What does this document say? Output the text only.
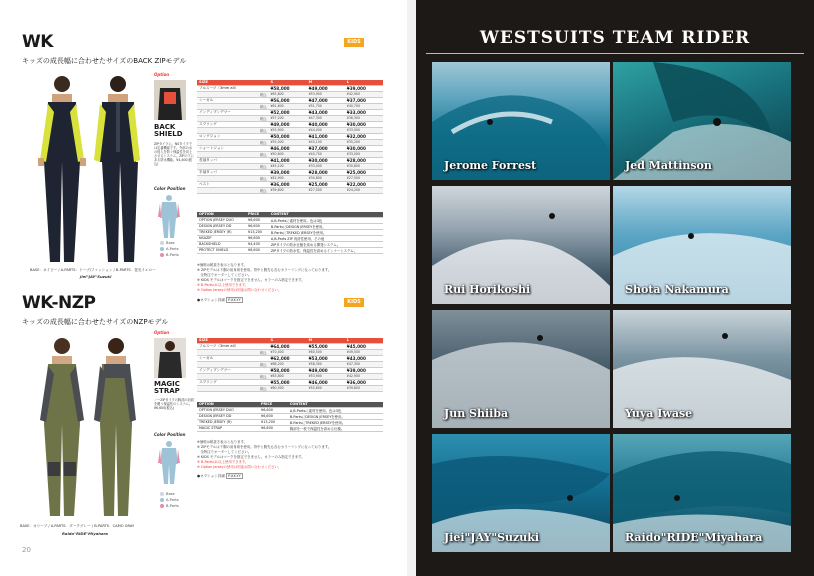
WK	KIDS
キッズの成長幅に合わせたサイズのBACK ZIPモデル
BASE：ネイビー / A-PARTS：ドーブ/ファッション / B-PARTS：蛍光イエロー
Jiei"JAY"Suzuki
Option
BACK
SHIELD
ZIPタイプに。NSタイプでは定番機能です。外部の水の侵入を防ぐ保温性を向上させるシステム。ZIPの下にある防水機能。¥4,400(税込)
Color Position
Base
A-Parts
B-Parts
SIZE	S	M	L
フルスーツ（3mm all）	¥58,000	¥49,000	¥39,000
税込	¥63,800	¥53,900	¥42,900
シーガル	¥56,000	¥47,000	¥37,000
税込	¥61,600	¥51,700	¥40,700
インディプンデツー	¥52,000	¥43,000	¥33,000
税込	¥57,200	¥47,300	¥36,300
スプリング	¥49,000	¥40,000	¥30,000
税込	¥53,900	¥44,000	¥33,000
ロングジョン	¥50,000	¥41,000	¥32,000
税込	¥55,000	¥45,100	¥35,200
ショートジョン	¥46,000	¥37,000	¥30,000
税込	¥50,600	¥40,700	¥33,000
長袖タッパ	¥41,000	¥30,000	¥28,000
税込	¥45,100	¥33,000	¥30,800
半袖タッパ	¥39,000	¥28,000	¥25,000
税込	¥42,900	¥30,800	¥27,500
ベスト	¥36,000	¥25,000	¥22,000
税込	¥39,600	¥27,500	¥24,200
OPTION	PRICE	CONTENT
OPTION JERSEY DUO	¥6,600	A,B-Partsに素材を使用。色は3色
DESIGN JERSEY DD	¥6,600	B-PartsにDESIGN JERSEYを使用。
TREKED JERSEY (R)	¥13,200	B-PartsにTREKED JERSEYを使用。
NSAZIP	¥6,600	A,B-Parts ZIP 再封性使用、その他
BACKSHIELD	¥4,400	ZIPタイプの防水仕様を高める開発システム。
PROTECT SHIELD	¥6,600	ZIPタイプの防水性、保温性を高めるインナーシステム。
※価格は税抜き表示となります。
※ ZIPモデルは下胴の前身頃を使用。背中と腕先も含むカラーリングになっております。
　全特注でオーダーしてください。
※ KIDS モデルはマークを指定できません。カラーのみ指定できます。
※ B-PartsはL以上使用できます。
※ Option Jerseyの使用は別途お問い合わせください。
●オプション詳細 P.XX-YY
WK-NZP	KIDS
キッズの成長幅に合わせたサイズのNZPモデル
BASE：オリーブ / A-PARTS：ダークグレー / B-PARTS：CAMO GRAY
Raido"RIDE"Miyahara
Option
MAGIC
STRAP
ノーZIPタイプの胸部の前面を覆う保温性のシステム。¥6,600(税込)
Color Position
Base
A-Parts
B-Parts
SIZE	S	M	L
フルスーツ（3mm all）	¥64,000	¥55,000	¥45,000
税込	¥70,400	¥60,500	¥49,500
シーガル	¥62,000	¥53,000	¥43,000
税込	¥68,200	¥58,300	¥47,300
インディプンデツー	¥58,000	¥49,000	¥39,000
税込	¥63,800	¥53,900	¥42,900
スプリング	¥55,000	¥46,000	¥36,000
税込	¥60,500	¥50,600	¥39,600
OPTION	PRICE	CONTENT
OPTION JERSEY DUO	¥6,600	A,B-Partsに素材を使用。色は3色
DESIGN JERSEY DD	¥6,600	B-PartsにDESIGN JERSEYを使用。
TREKED JERSEY (R)	¥13,200	B-PartsにTREKED JERSEYを使用。
MAGIC STRAP	¥6,600	胸部を一枚で保温性を高める仕様。
※価格は税抜き表示となります。
※ ZIPモデルは下胴の前身頃を使用。背中と腕先も含むカラーリングになっております。
　全特注でオーダーしてください。
※ KIDS モデルはマークを指定できません。カラーのみ指定できます。
※ B-PartsはL以上使用できます。
※ Option Jerseyの使用は別途お問い合わせください。
●オプション詳細 P.XX-YY
20
WESTSUITS TEAM RIDER
Jerome Forrest	Jed Mattinson
Rui Horikoshi	Shota Nakamura
Jun Shiiba	Yuya Iwase
Jiei"JAY"Suzuki	Raido"RIDE"Miyahara
